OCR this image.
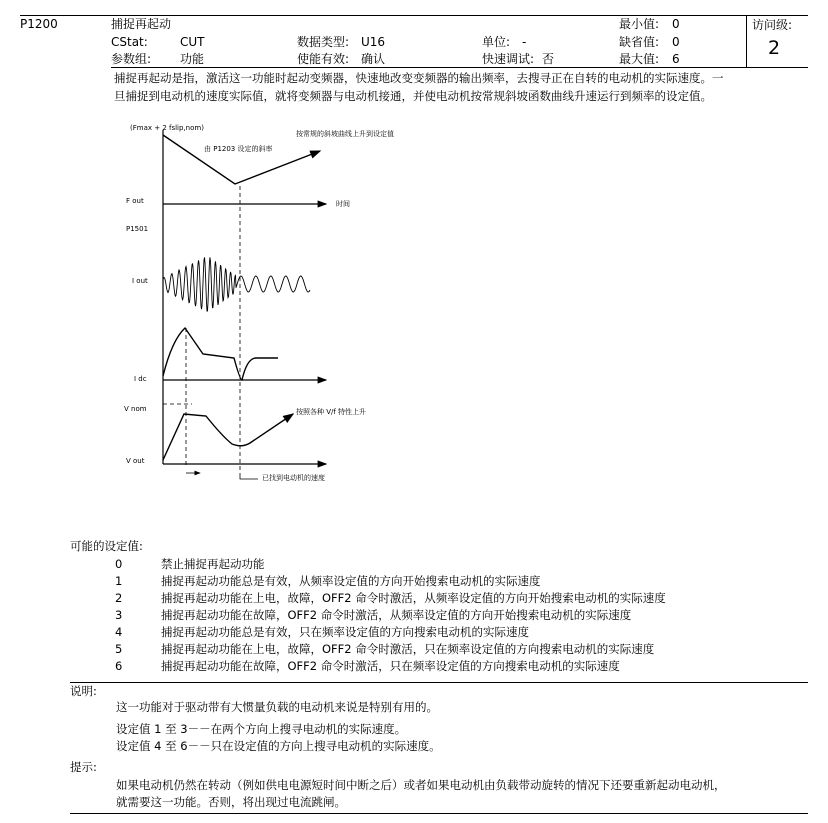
P1200	捕捉再起动
CStat:	CUT	数据类型: U16	单位: -
参数组: 功能	使能有效: 确认	快速调试: 否
最小值: 0
缺省值: 0
最大值: 6
访问级:
2
捕捉再起动是指，激活这一功能时起动变频器，快速地改变变频器的输出频率，去搜寻正在自转的电动机的实际速度。一
旦捕捉到电动机的速度实际值，就将变频器与电动机接通，并使电动机按常规斜坡函数曲线升速运行到频率的设定值。
(Fmax + 2 fslip,nom)
按常规的斜坡曲线上升到设定值
由 P1203 设定的斜率
F out	时间
P1501
I out
I dc
V nom	按照各种 V/f 特性上升
V out
已找到电动机的速度
可能的设定值:
0	禁止捕捉再起动功能
1	捕捉再起动功能总是有效，从频率设定值的方向开始搜索电动机的实际速度
2	捕捉再起动功能在上电，故障，OFF2 命令时激活，从频率设定值的方向开始搜索电动机的实际速度
3	捕捉再起动功能在故障，OFF2 命令时激活，从频率设定值的方向开始搜索电动机的实际速度
4	捕捉再起动功能总是有效，只在频率设定值的方向搜索电动机的实际速度
5	捕捉再起动功能在上电，故障，OFF2 命令时激活，只在频率设定值的方向搜索电动机的实际速度
6	捕捉再起动功能在故障，OFF2 命令时激活，只在频率设定值的方向搜索电动机的实际速度
说明:
这一功能对于驱动带有大惯量负载的电动机来说是特别有用的。
设定值 1 至 3－－在两个方向上搜寻电动机的实际速度。
设定值 4 至 6－－只在设定值的方向上搜寻电动机的实际速度。
提示:
如果电动机仍然在转动（例如供电电源短时间中断之后）或者如果电动机由负载带动旋转的情况下还要重新起动电动机，
就需要这一功能。否则，将出现过电流跳闸。
